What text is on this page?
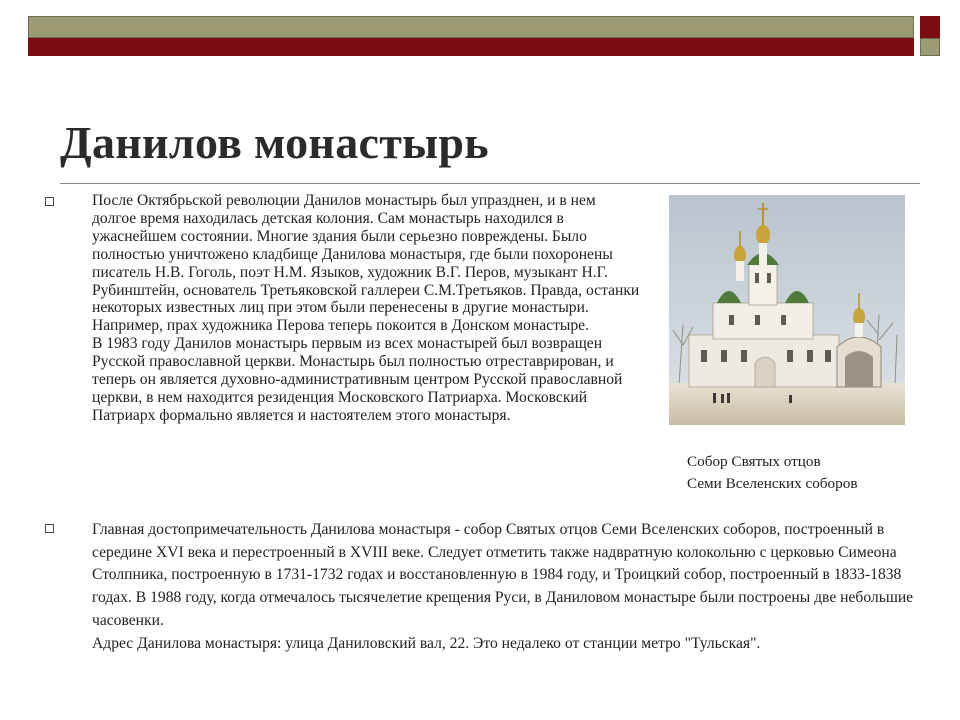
Данилов монастырь
После Октябрьской революции Данилов монастырь был упразднен, и в нем долгое время находилась детская колония. Сам монастырь находился в ужаснейшем состоянии. Многие здания были серьезно повреждены. Было полностью уничтожено кладбище Данилова монастыря, где были похоронены писатель Н.В. Гоголь, поэт Н.М. Языков, художник В.Г. Перов, музыкант Н.Г. Рубинштейн, основатель Третьяковской галлереи С.М.Третьяков. Правда, останки некоторых известных лиц при этом были перенесены в другие монастыри. Например, прах художника Перова теперь покоится в Донском монастыре.
В 1983 году Данилов монастырь первым из всех монастырей был возвращен Русской православной церкви. Монастырь был полностью отреставрирован, и теперь он является духовно-административным центром Русской православной церкви, в нем находится резиденция Московского Патриарха. Московский Патриарх формально является и настоятелем этого монастыря.
Собор Святых отцов
Семи Вселенских соборов
Главная достопримечательность Данилова монастыря - собор Святых отцов Семи Вселенских соборов, построенный в середине XVI века и перестроенный в XVIII веке. Следует отметить также надвратную колокольню с церковью Симеона Столпника, построенную в 1731-1732 годах и восстановленную в 1984 году, и Троицкий собор, построенный в 1833-1838 годах. В 1988 году, когда отмечалось тысячелетие крещения Руси, в Даниловом монастыре были построены две небольшие часовенки.
Адрес Данилова монастыря: улица Даниловский вал, 22. Это недалеко от станции метро "Тульская".
